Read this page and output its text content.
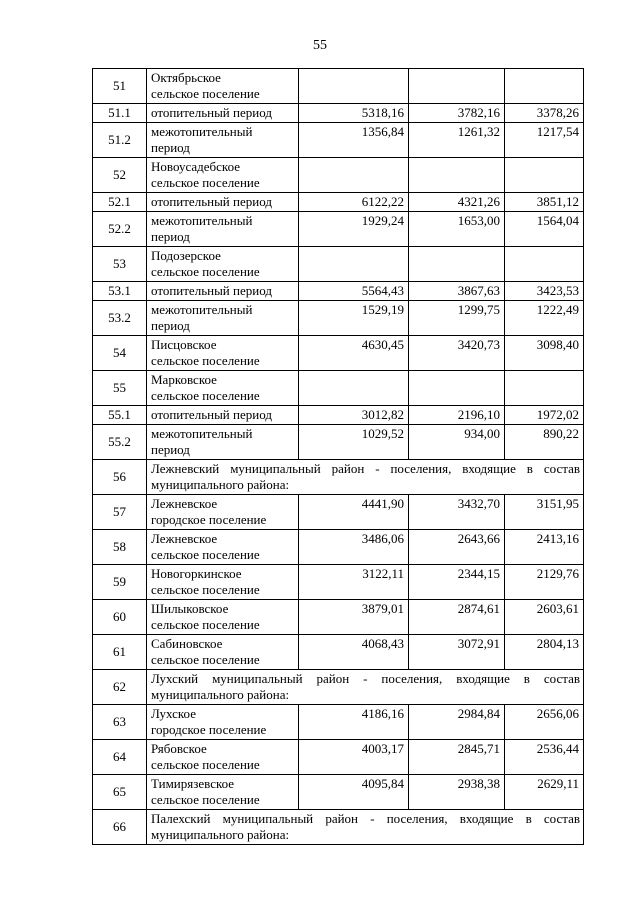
55
51	Октябрьское
сельское поселение			
51.1	отопительный период	5318,16	3782,16	3378,26
51.2	межотопительный
период	1356,84	1261,32	1217,54
52	Новоусадебское
сельское поселение			
52.1	отопительный период	6122,22	4321,26	3851,12
52.2	межотопительный
период	1929,24	1653,00	1564,04
53	Подозерское
сельское поселение			
53.1	отопительный период	5564,43	3867,63	3423,53
53.2	межотопительный
период	1529,19	1299,75	1222,49
54	Писцовское
сельское поселение	4630,45	3420,73	3098,40
55	Марковское
сельское поселение			
55.1	отопительный период	3012,82	2196,10	1972,02
55.2	межотопительный
период	1029,52	934,00	890,22
56	Лежневский муниципальный район - поселения, входящие в состав муниципального района:			
57	Лежневское
городское поселение	4441,90	3432,70	3151,95
58	Лежневское
сельское поселение	3486,06	2643,66	2413,16
59	Новогоркинское
сельское поселение	3122,11	2344,15	2129,76
60	Шилыковское
сельское поселение	3879,01	2874,61	2603,61
61	Сабиновское
сельское поселение	4068,43	3072,91	2804,13
62	Лухский муниципальный район - поселения, входящие в состав муниципального района:			
63	Лухское
городское поселение	4186,16	2984,84	2656,06
64	Рябовское
сельское поселение	4003,17	2845,71	2536,44
65	Тимирязевское
сельское поселение	4095,84	2938,38	2629,11
66	Палехский муниципальный район - поселения, входящие в состав муниципального района:			
